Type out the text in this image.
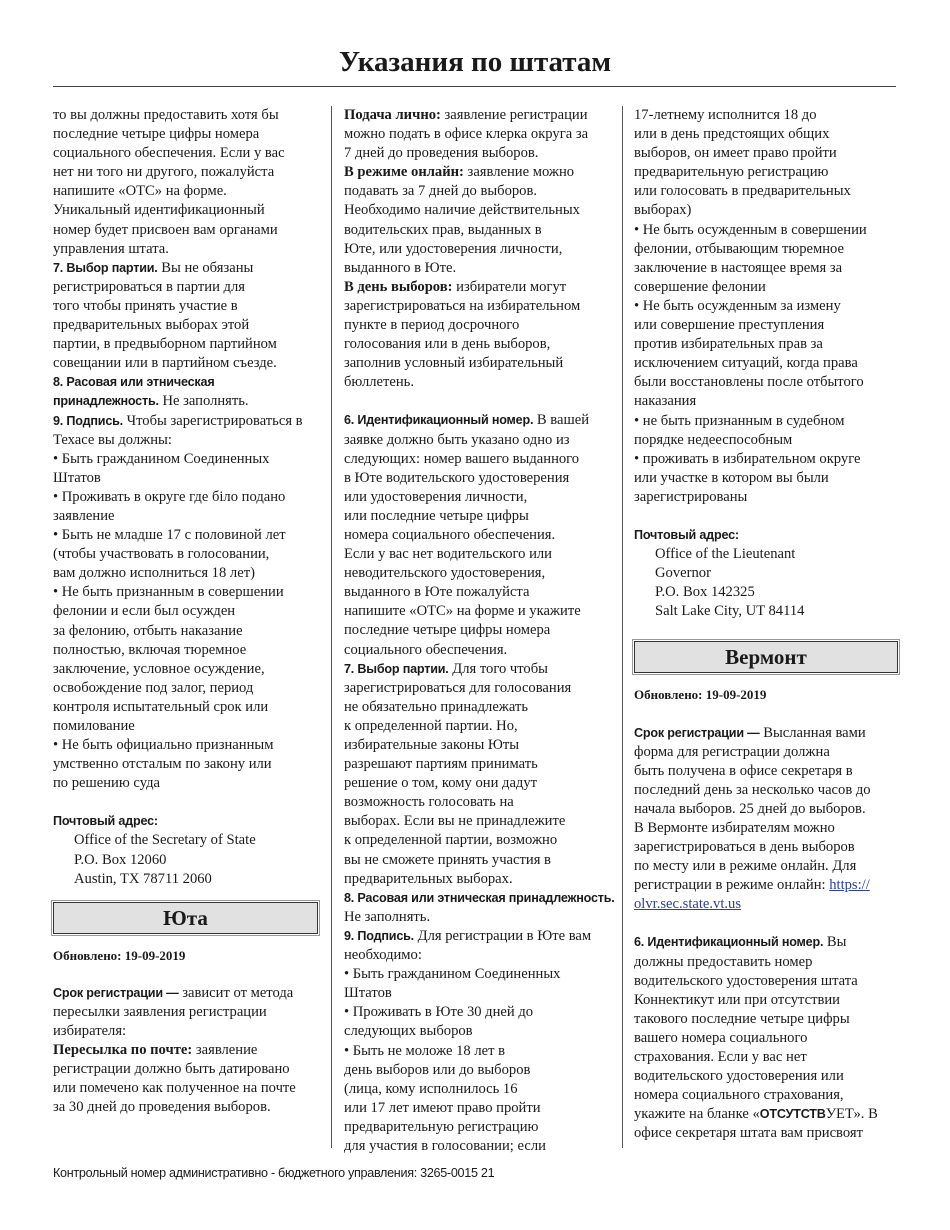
Указания по штатам
то вы должны предоставить хотя бы
последние четыре цифры номера
социального обеспечения. Если у вас
нет ни того ни другого, пожалуйста
напишите «OTC» на форме.
Уникальный идентификационный
номер будет присвоен вам органами
управления штата.
7. Выбор партии. Вы не обязаны
регистрироваться в партии для
того чтобы принять участие в
предварительных выборах этой
партии, в предвыборном партийном
совещании или в партийном съезде.
8. Расовая или этническая
принадлежность. Не заполнять.
9. Подпись. Чтобы зарегистрироваться в
Техасе вы должны:
• Быть гражданином Соединенных
Штатов
• Проживать в округе где біло подано
заявление
• Быть не младше 17 с половиной лет
(чтобы участвовать в голосовании,
вам должно исполниться 18 лет)
• Не быть признанным в совершении
фелонии и если был осужден
за фелонию, отбыть наказание
полностью, включая тюремное
заключение, условное осуждение,
освобождение под залог, период
контроля испытательный срок или
помилование
• Не быть официально признанным
умственно отсталым по закону или
по решению суда
Почтовый адрес:
Office of the Secretary of State
P.O. Box 12060
Austin, TX 78711 2060
Юта
Обновлено: 19-09-2019
Срок регистрации — зависит от метода
пересылки заявления регистрации
избирателя:
Пересылка по почте: заявление
регистрации должно быть датировано
или помечено как полученное на почте
за 30 дней до проведения выборов.
Подача лично: заявление регистрации
можно подать в офисе клерка округа за
7 дней до проведения выборов.
В режиме онлайн: заявление можно
подавать за 7 дней до выборов.
Необходимо наличие действительных
водительских прав, выданных в
Юте, или удостоверения личности,
выданного в Юте.
В день выборов: избиратели могут
зарегистрироваться на избирательном
пункте в период досрочного
голосования или в день выборов,
заполнив условный избирательный
бюллетень.
6. Идентификационный номер. В вашей
заявке должно быть указано одно из
следующих: номер вашего выданного
в Юте водительского удостоверения
или удостоверения личности,
или последние четыре цифры
номера социального обеспечения.
Если у вас нет водительского или
неводительского удостоверения,
выданного в Юте пожалуйста
напишите «OTC» на форме и укажите
последние четыре цифры номера
социального обеспечения.
7. Выбор партии. Для того чтобы
зарегистрироваться для голосования
не обязательно принадлежать
к определенной партии. Но,
избирательные законы Юты
разрешают партиям принимать
решение о том, кому они дадут
возможность голосовать на
выборах. Если вы не принадлежите
к определенной партии, возможно
вы не сможете принять участия в
предварительных выборах.
8. Расовая или этническая принадлежность.
Не заполнять.
9. Подпись. Для регистрации в Юте вам
необходимо:
• Быть гражданином Соединенных
Штатов
• Проживать в Юте 30 дней до
следующих выборов
• Быть не моложе 18 лет в
день выборов или до выборов
(лица, кому исполнилось 16
или 17 лет имеют право пройти
предварительную регистрацию
для участия в голосовании; если
17-летнему исполнится 18 до
или в день предстоящих общих
выборов, он имеет право пройти
предварительную регистрацию
или голосовать в предварительных
выборах)
• Не быть осужденным в совершении
фелонии, отбывающим тюремное
заключение в настоящее время за
совершение фелонии
• Не быть осужденным за измену
или совершение преступления
против избирательных прав за
исключением ситуаций, когда права
были восстановлены после отбытого
наказания
• не быть признанным в судебном
порядке недееспособным
• проживать в избирательном округе
или участке в котором вы были
зарегистрированы
Почтовый адрес:
Office of the Lieutenant
Governor
P.O. Box 142325
Salt Lake City, UT 84114
Вермонт
Обновлено: 19-09-2019
Срок регистрации — Высланная вами
форма для регистрации должна
быть получена в офисе секретаря в
последний день за несколько часов до
начала выборов. 25 дней до выборов.
В Вермонте избирателям можно
зарегистрироваться в день выборов
по месту или в режиме онлайн. Для
регистрации в режиме онлайн: https://
olvr.sec.state.vt.us
6. Идентификационный номер. Вы
должны предоставить номер
водительского удостоверения штата
Коннектикут или при отсутствии
такового последние четыре цифры
вашего номера социального
страхования. Если у вас нет
водительского удостоверения или
номера социального страхования,
укажите на бланке «ОТСУТСТВУЕТ». В
офисе секретаря штата вам присвоят
Контрольный номер административно - бюджетного управления: 3265-0015 21
